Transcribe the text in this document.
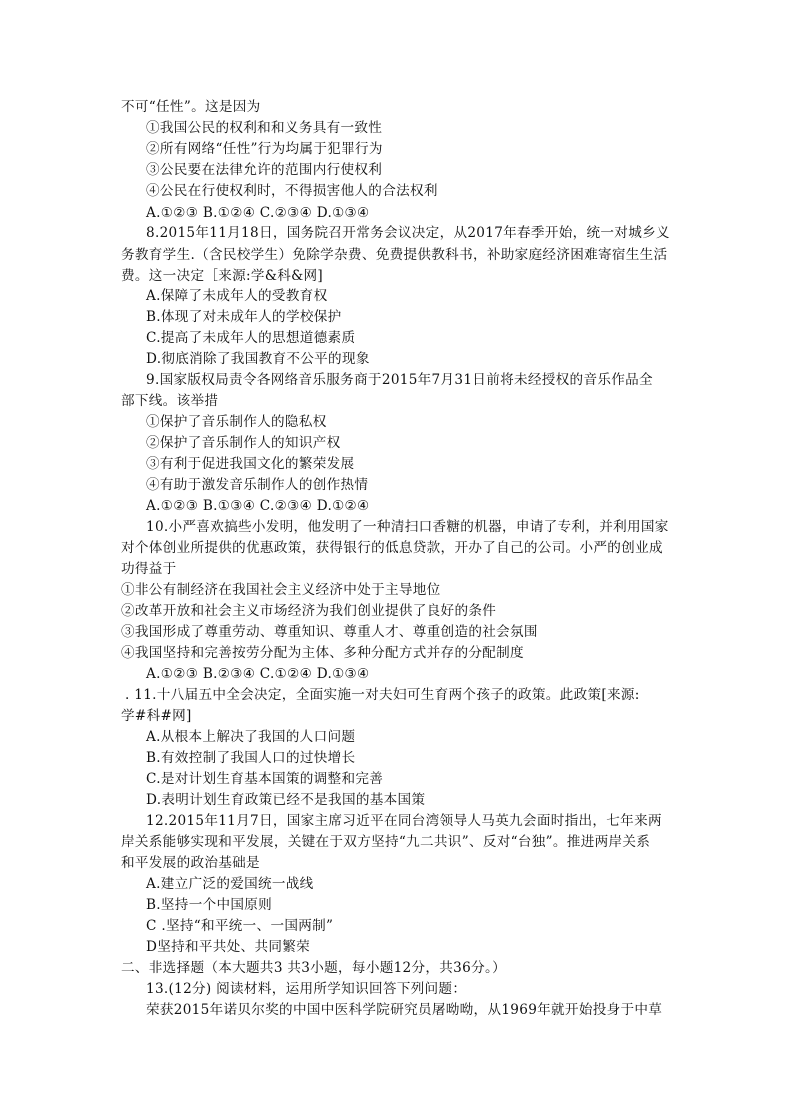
不可“任性”。这是因为
①我国公民的权利和和义务具有一致性
②所有网络“任性”行为均属于犯罪行为
③公民要在法律允许的范围内行使权利
④公民在行使权利时，不得损害他人的合法权利
A.①②③ B.①②④ C.②③④ D.①③④
8.2015年11月18日，国务院召开常务会议决定，从2017年春季开始，统一对城乡义
务教育学生.（含民校学生）免除学杂费、免费提供教科书，补助家庭经济困难寄宿生生活
费。这一决定［来源:学&科&网]
A.保障了未成年人的受教育权
B.体现了对未成年人的学校保护
C.提高了未成年人的思想道德素质
D.彻底消除了我国教育不公平的现象
9.国家版权局责令各网络音乐服务商于2015年7月31日前将未经授权的音乐作品全
部下线。该举措
①保护了音乐制作人的隐私权
②保护了音乐制作人的知识产权
③有利于促进我国文化的繁荣发展
④有助于激发音乐制作人的创作热情
A.①②③ B.①③④ C.②③④ D.①②④
10.小严喜欢搞些小发明，他发明了一种清扫口香糖的机器，申请了专利，并利用国家
对个体创业所提供的优惠政策，获得银行的低息贷款，开办了自己的公司。小严的创业成
功得益于
①非公有制经济在我国社会主义经济中处于主导地位
②改革开放和社会主义市场经济为我们创业提供了良好的条件
③我国形成了尊重劳动、尊重知识、尊重人才、尊重创造的社会氛围
④我国坚持和完善按劳分配为主体、多种分配方式并存的分配制度
A.①②③ B.②③④ C.①②④ D.①③④
. 11.十八届五中全会决定，全面实施一对夫妇可生育两个孩子的政策。此政策[来源:
学#科#网]
A.从根本上解决了我国的人口问题
B.有效控制了我国人口的过快增长
C.是对计划生育基本国策的调整和完善
D.表明计划生育政策已经不是我国的基本国策
12.2015年11月7日，国家主席习近平在同台湾领导人马英九会面时指出，七年来两
岸关系能够实现和平发展，关键在于双方坚持“九二共识”、反对“台独”。推进两岸关系
和平发展的政治基础是
A.建立广泛的爱国统一战线
B.坚持一个中国原则
C .坚持“和平统一、一国两制”
D坚持和平共处、共同繁荣
二、非选择题（本大题共3 共3小题，每小题12分，共36分。）
13.(12分) 阅读材料，运用所学知识回答下列问题：
荣获2015年诺贝尔奖的中国中医科学院研究员屠呦呦，从1969年就开始投身于中草
